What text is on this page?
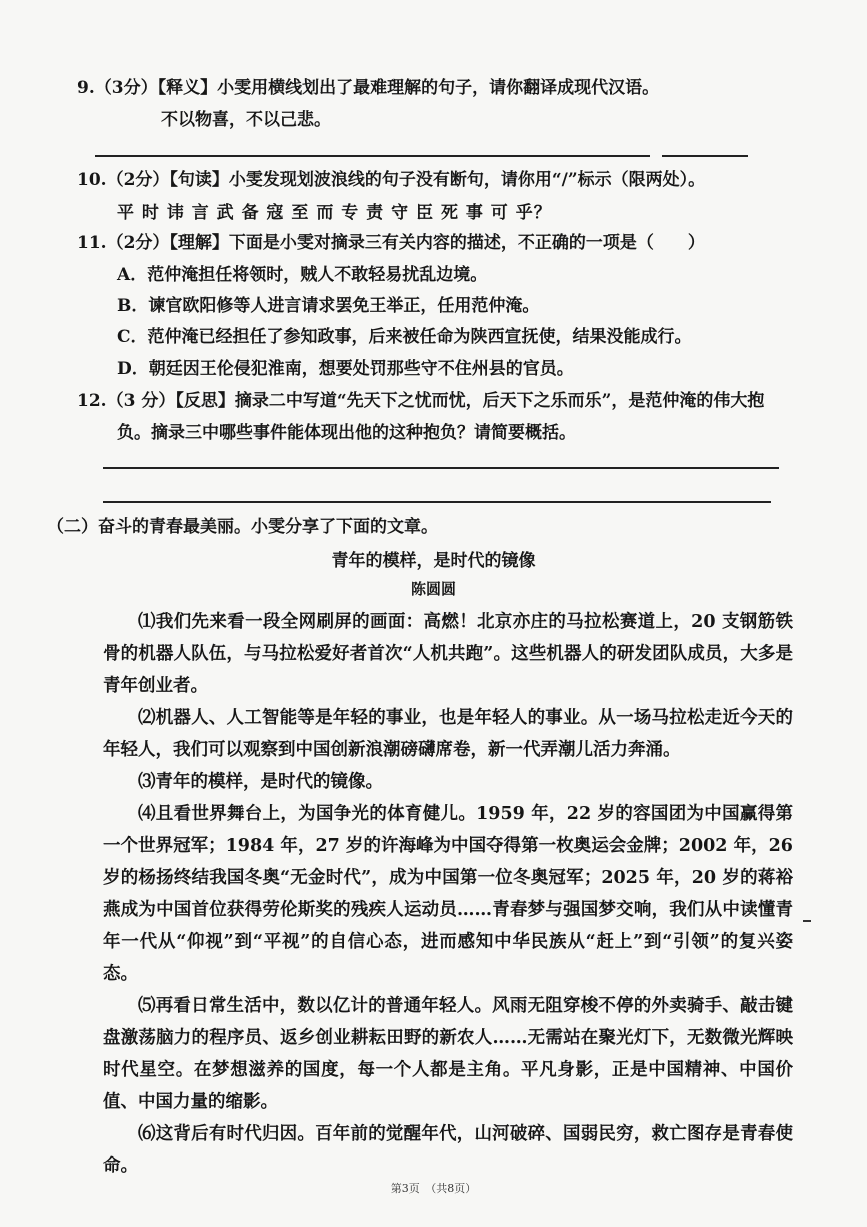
9.（3分）【释义】小雯用横线划出了最难理解的句子，请你翻译成现代汉语。
不以物喜，不以己悲。
10.（2分）【句读】小雯发现划波浪线的句子没有断句，请你用“/”标示（限两处）。
平 时 讳 言 武 备 寇 至 而 专 责 守 臣 死 事 可 乎？
11.（2分）【理解】下面是小雯对摘录三有关内容的描述，不正确的一项是（　　）
A．范仲淹担任将领时，贼人不敢轻易扰乱边境。
B．谏官欧阳修等人进言请求罢免王举正，任用范仲淹。
C．范仲淹已经担任了参知政事，后来被任命为陕西宣抚使，结果没能成行。
D．朝廷因王伦侵犯淮南，想要处罚那些守不住州县的官员。
12.（3 分）【反思】摘录二中写道“先天下之忧而忧，后天下之乐而乐”，是范仲淹的伟大抱
负。摘录三中哪些事件能体现出他的这种抱负？请简要概括。
（二）奋斗的青春最美丽。小雯分享了下面的文章。
青年的模样，是时代的镜像
陈圆圆

⑴我们先来看一段全网刷屏的画面：高燃！北京亦庄的马拉松赛道上，20 支钢筋铁骨的机器人队伍，与马拉松爱好者首次“人机共跑”。这些机器人的研发团队成员，大多是青年创业者。

⑵机器人、人工智能等是年轻的事业，也是年轻人的事业。从一场马拉松走近今天的年轻人，我们可以观察到中国创新浪潮磅礴席卷，新一代弄潮儿活力奔涌。

⑶青年的模样，是时代的镜像。

⑷且看世界舞台上，为国争光的体育健儿。1959 年，22 岁的容国团为中国赢得第一个世界冠军；1984 年，27 岁的许海峰为中国夺得第一枚奥运会金牌；2002 年，26 岁的杨扬终结我国冬奥“无金时代”，成为中国第一位冬奥冠军；2025 年，20 岁的蒋裕燕成为中国首位获得劳伦斯奖的残疾人运动员……青春梦与强国梦交响，我们从中读懂青年一代从“仰视”到“平视”的自信心态，进而感知中华民族从“赶上”到“引领”的复兴姿态。

⑸再看日常生活中，数以亿计的普通年轻人。风雨无阻穿梭不停的外卖骑手、敲击键盘激荡脑力的程序员、返乡创业耕耘田野的新农人……无需站在聚光灯下，无数微光辉映时代星空。在梦想滋养的国度，每一个人都是主角。平凡身影，正是中国精神、中国价值、中国力量的缩影。

⑹这背后有时代归因。百年前的觉醒年代，山河破碎、国弱民穷，救亡图存是青春使命。

第3页　（共8页）
